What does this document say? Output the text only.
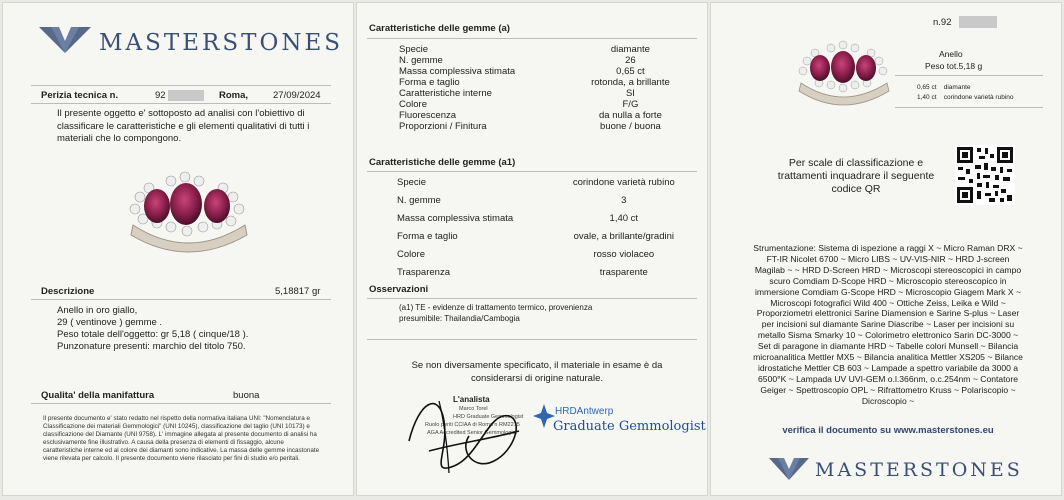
MASTERSTONES
Perizia tecnica n.	92	Roma,	27/09/2024
Il presente oggetto e' sottoposto ad analisi con l'obiettivo di
classificare le caratteristiche e gli elementi qualitativi di tutti i
materiali che lo compongono.
Descrizione	5,18817 gr
Anello in oro giallo,
29 ( ventinove ) gemme .
Peso totale dell'oggetto: gr 5,18 ( cinque/18 ).
Punzonature presenti: marchio del titolo 750.
Qualita' della manifattura	buona
Il presente documento e' stato redatto nel rispetto della normativa italiana UNI: "Nomenclatura e
Classificazione dei materiali Gemmologici" (UNI 10245), classificazione del taglio (UNI 10173) e
classificazione del Diamante (UNI 9758). L' immagine allegata al presente documento di analisi ha
esclusivamente fine illustrativo. A causa della presenza di elementi di fissaggio, alcune
caratteristiche interne ed al colore dei diamanti sono indicative. La massa delle gemme incastonate
viene rilevata per calcolo. Il presente documento viene rilasciato per fini di studio e/o peritali.
Caratteristiche delle gemme (a)
Specie	diamante
N. gemme	26
Massa complessiva stimata	0,65 ct
Forma e taglio	rotonda, a brillante
Caratteristiche interne	SI
Colore	F/G
Fluorescenza	da nulla a forte
Proporzioni / Finitura	buone / buona
Caratteristiche delle gemme (a1)
Specie	corindone varietà rubino
N. gemme	3
Massa complessiva stimata	1,40 ct
Forma e taglio	ovale, a brillante/gradini
Colore	rosso violaceo
Trasparenza	trasparente
Osservazioni
(a1) TE - evidenze di trattamento termico, provenienza
presumibile: Thailandia/Cambogia
Se non diversamente specificato, il materiale in esame è da
considerarsi di origine naturale.
L'analista
Marco Torel
HRD Graduate Gemmologist
Ruolo periti CCIAA di Roma n RM2275
AGA Accredited Senior Gemmologist
HRDAntwerp
Graduate Gemmologist
n.92
Anello
Peso tot.5,18 g
0,65 ct diamante
1,40 ct corindone varietà rubino
Per scale di classificazione e
trattamenti inquadrare il seguente
codice QR
Strumentazione: Sistema di ispezione a raggi X ~ Micro Raman DRX ~
FT-IR Nicolet 6700 ~ Micro LIBS ~ UV-VIS-NIR ~ HRD J-screen
Magilab ~ ~ HRD D-Screen HRD ~ Microscopi stereoscopici in campo
scuro Comdiam D-Scope HRD ~ Microscopio stereoscopico in
immersione Comdiam G-Scope HRD ~ Microscopio Giagem Mark X ~
Microscopi fotografici Wild 400 ~ Ottiche Zeiss, Leika e Wild ~
Proporziometri elettronici Sarine Diamension e Sarine S-plus ~ Laser
per incisioni sul diamante Sarine Diascribe ~ Laser per incisioni su
metallo Sisma Smarky 10 ~ Colorimetro elettronico Sarin DC-3000 ~
Set di paragone in diamante HRD ~ Tabelle colori Munsell ~ Bilancia
microanalitica Mettler MX5 ~ Bilancia analitica Mettler XS205 ~ Bilance
idrostatiche Mettler CB 603 ~ Lampade a spettro variabile da 3000 a
6500°K ~ Lampada UV UVI-GEM o.l.366nm, o.c.254nm ~ Contatore
Geiger ~ Spettroscopio OPL ~ Rifrattometro Kruss ~ Polariscopio ~
Dicroscopio ~
verifica il documento su www.masterstones.eu
MASTERSTONES
